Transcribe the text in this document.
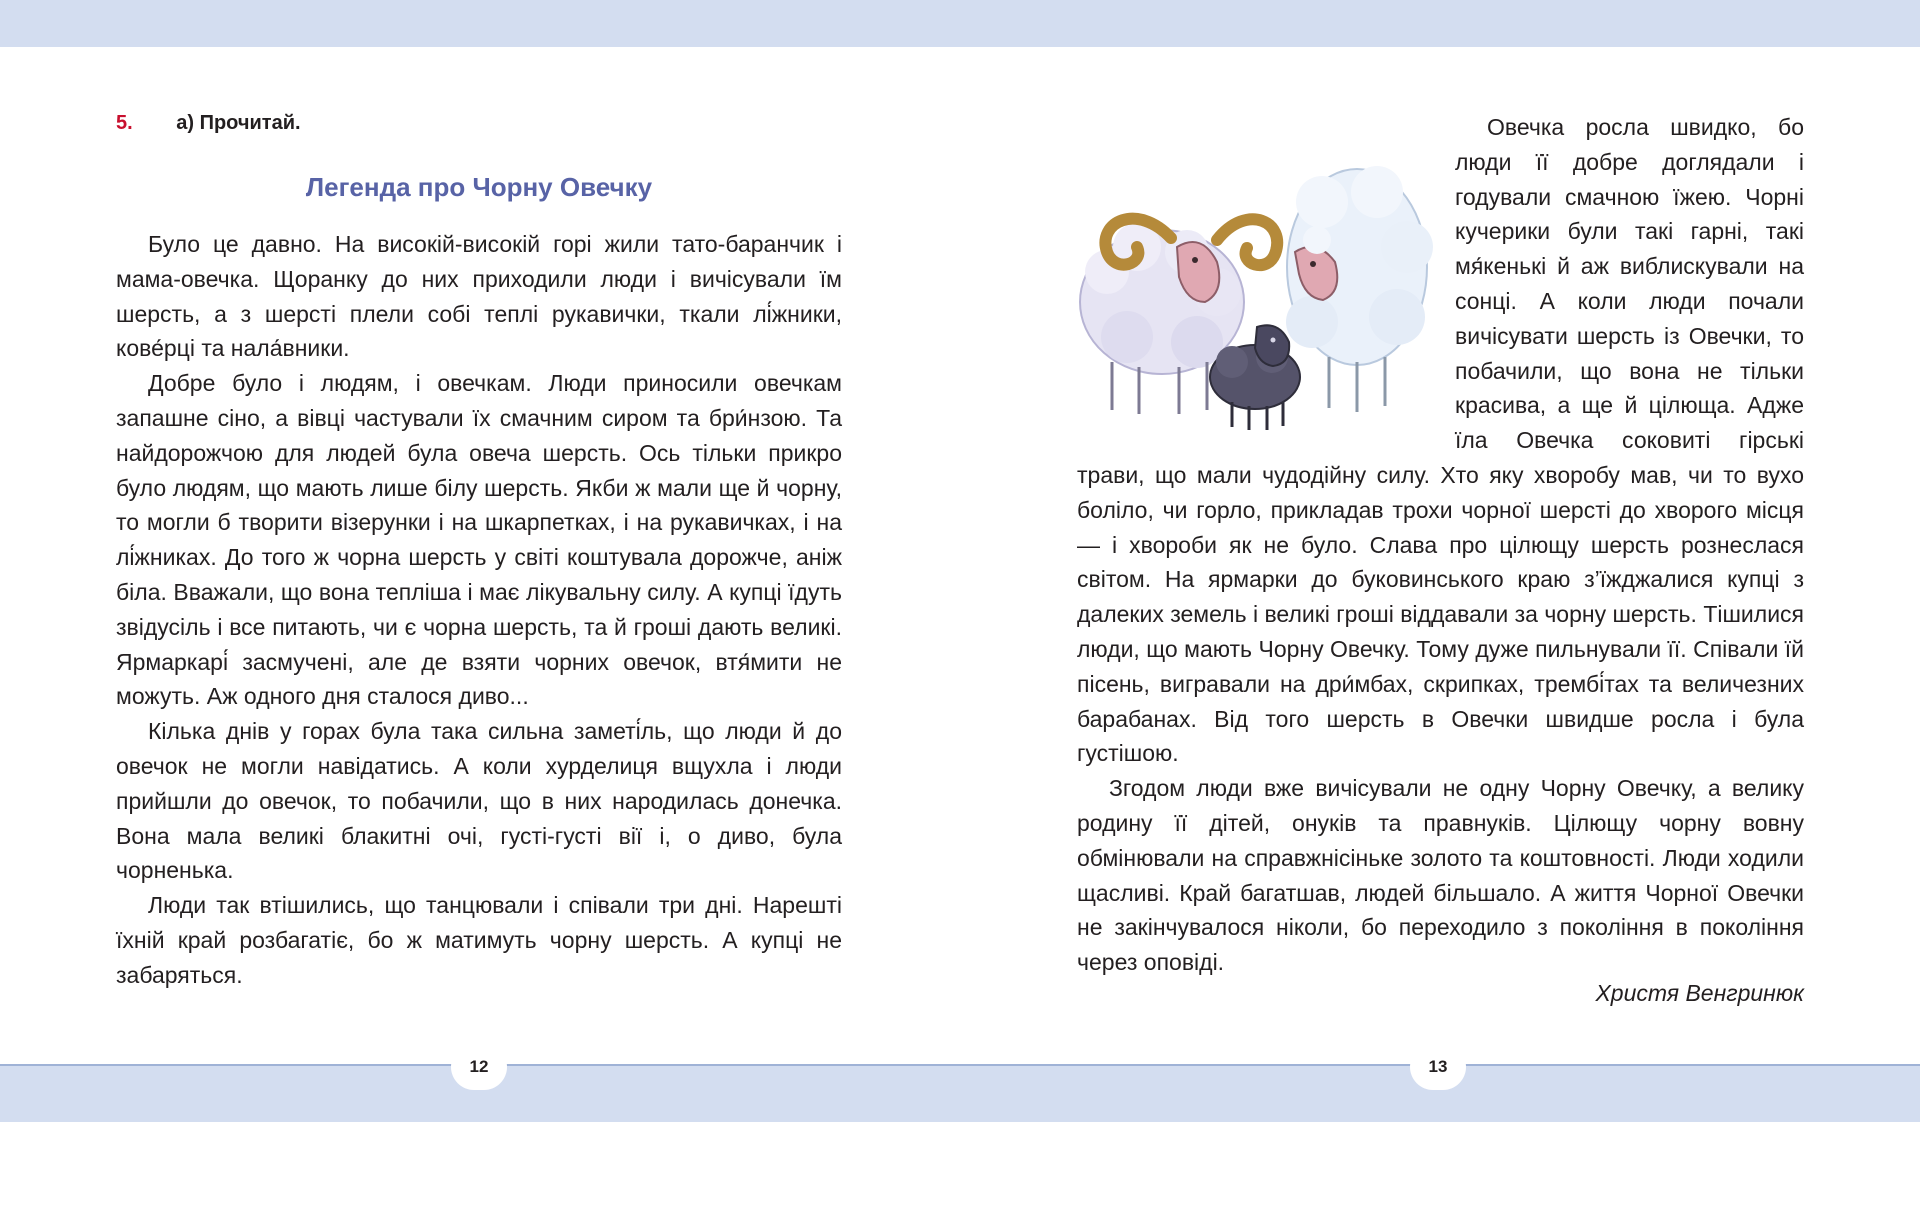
5. а) Прочитай.
Легенда про Чорну Овечку

Було це давно. На високій-високій горі жили тато-баранчик і мама-овечка. Щоранку до них приходили люди і вичісували їм шерсть, а з шерсті плели собі теплі рукавички, ткали лі́жники, кове́рці та нала́вники.

Добре було і людям, і овечкам. Люди приносили овечкам запашне сіно, а вівці частували їх смачним сиром та бри́нзою. Та найдорожчою для людей була овеча шерсть. Ось тільки прикро було людям, що мають лише білу шерсть. Якби ж мали ще й чорну, то могли б творити візерунки і на шкарпетках, і на рукавичках, і на лі́жниках. До того ж чорна шерсть у світі коштувала дорожче, аніж біла. Вважали, що вона тепліша і має лікувальну силу. А купці їдуть звідусіль і все питають, чи є чорна шерсть, та й гроші дають великі. Ярмаркарі́ засмучені, але де взяти чорних овечок, втя́мити не можуть. Аж одного дня сталося диво...

Кілька днів у горах була така сильна заметі́ль, що люди й до овечок не могли навідатись. А коли хурделиця вщухла і люди прийшли до овечок, то побачили, що в них народилась донечка. Вона мала великі блакитні очі, густі-густі вії і, о диво, була чорненька.

Люди так втішились, що танцювали і співали три дні. Нарешті їхній край розбагатіє, бо ж матимуть чорну шерсть. А купці не забаряться.

Овечка росла швидко, бо люди її добре доглядали і годували смачною їжею. Чорні кучерики були такі гарні, такі мя́кенькі й аж виблискували на сонці. А коли люди почали вичісувати шерсть із Овечки, то побачили, що вона не тільки красива, а ще й цілюща. Адже їла Овечка соковиті гірські трави, що мали чудодійну силу. Хто яку хворобу мав, чи то вухо боліло, чи горло, прикладав трохи чорної шерсті до хворого місця — і хвороби як не було. Слава про цілющу шерсть рознеслася світом. На ярмарки до буковинського краю з’їжджалися купці з далеких земель і великі гроші віддавали за чорну шерсть. Тішилися люди, що мають Чорну Овечку. Тому дуже пильнували її. Співали їй пісень, вигравали на дри́мбах, скрипках, трембі́тах та величезних барабанах. Від того шерсть в Овечки швидше росла і була густішою.

Згодом люди вже вичісували не одну Чорну Овечку, а велику родину її дітей, онуків та правнуків. Цілющу чорну вовну обмінювали на справжнісіньке золото та коштовності. Люди ходили щасливі. Край багатшав, людей більшало. А життя Чорної Овечки не закінчувалося ніколи, бо переходило з покоління в покоління через оповіді.

Христя Венгринюк
12	13
